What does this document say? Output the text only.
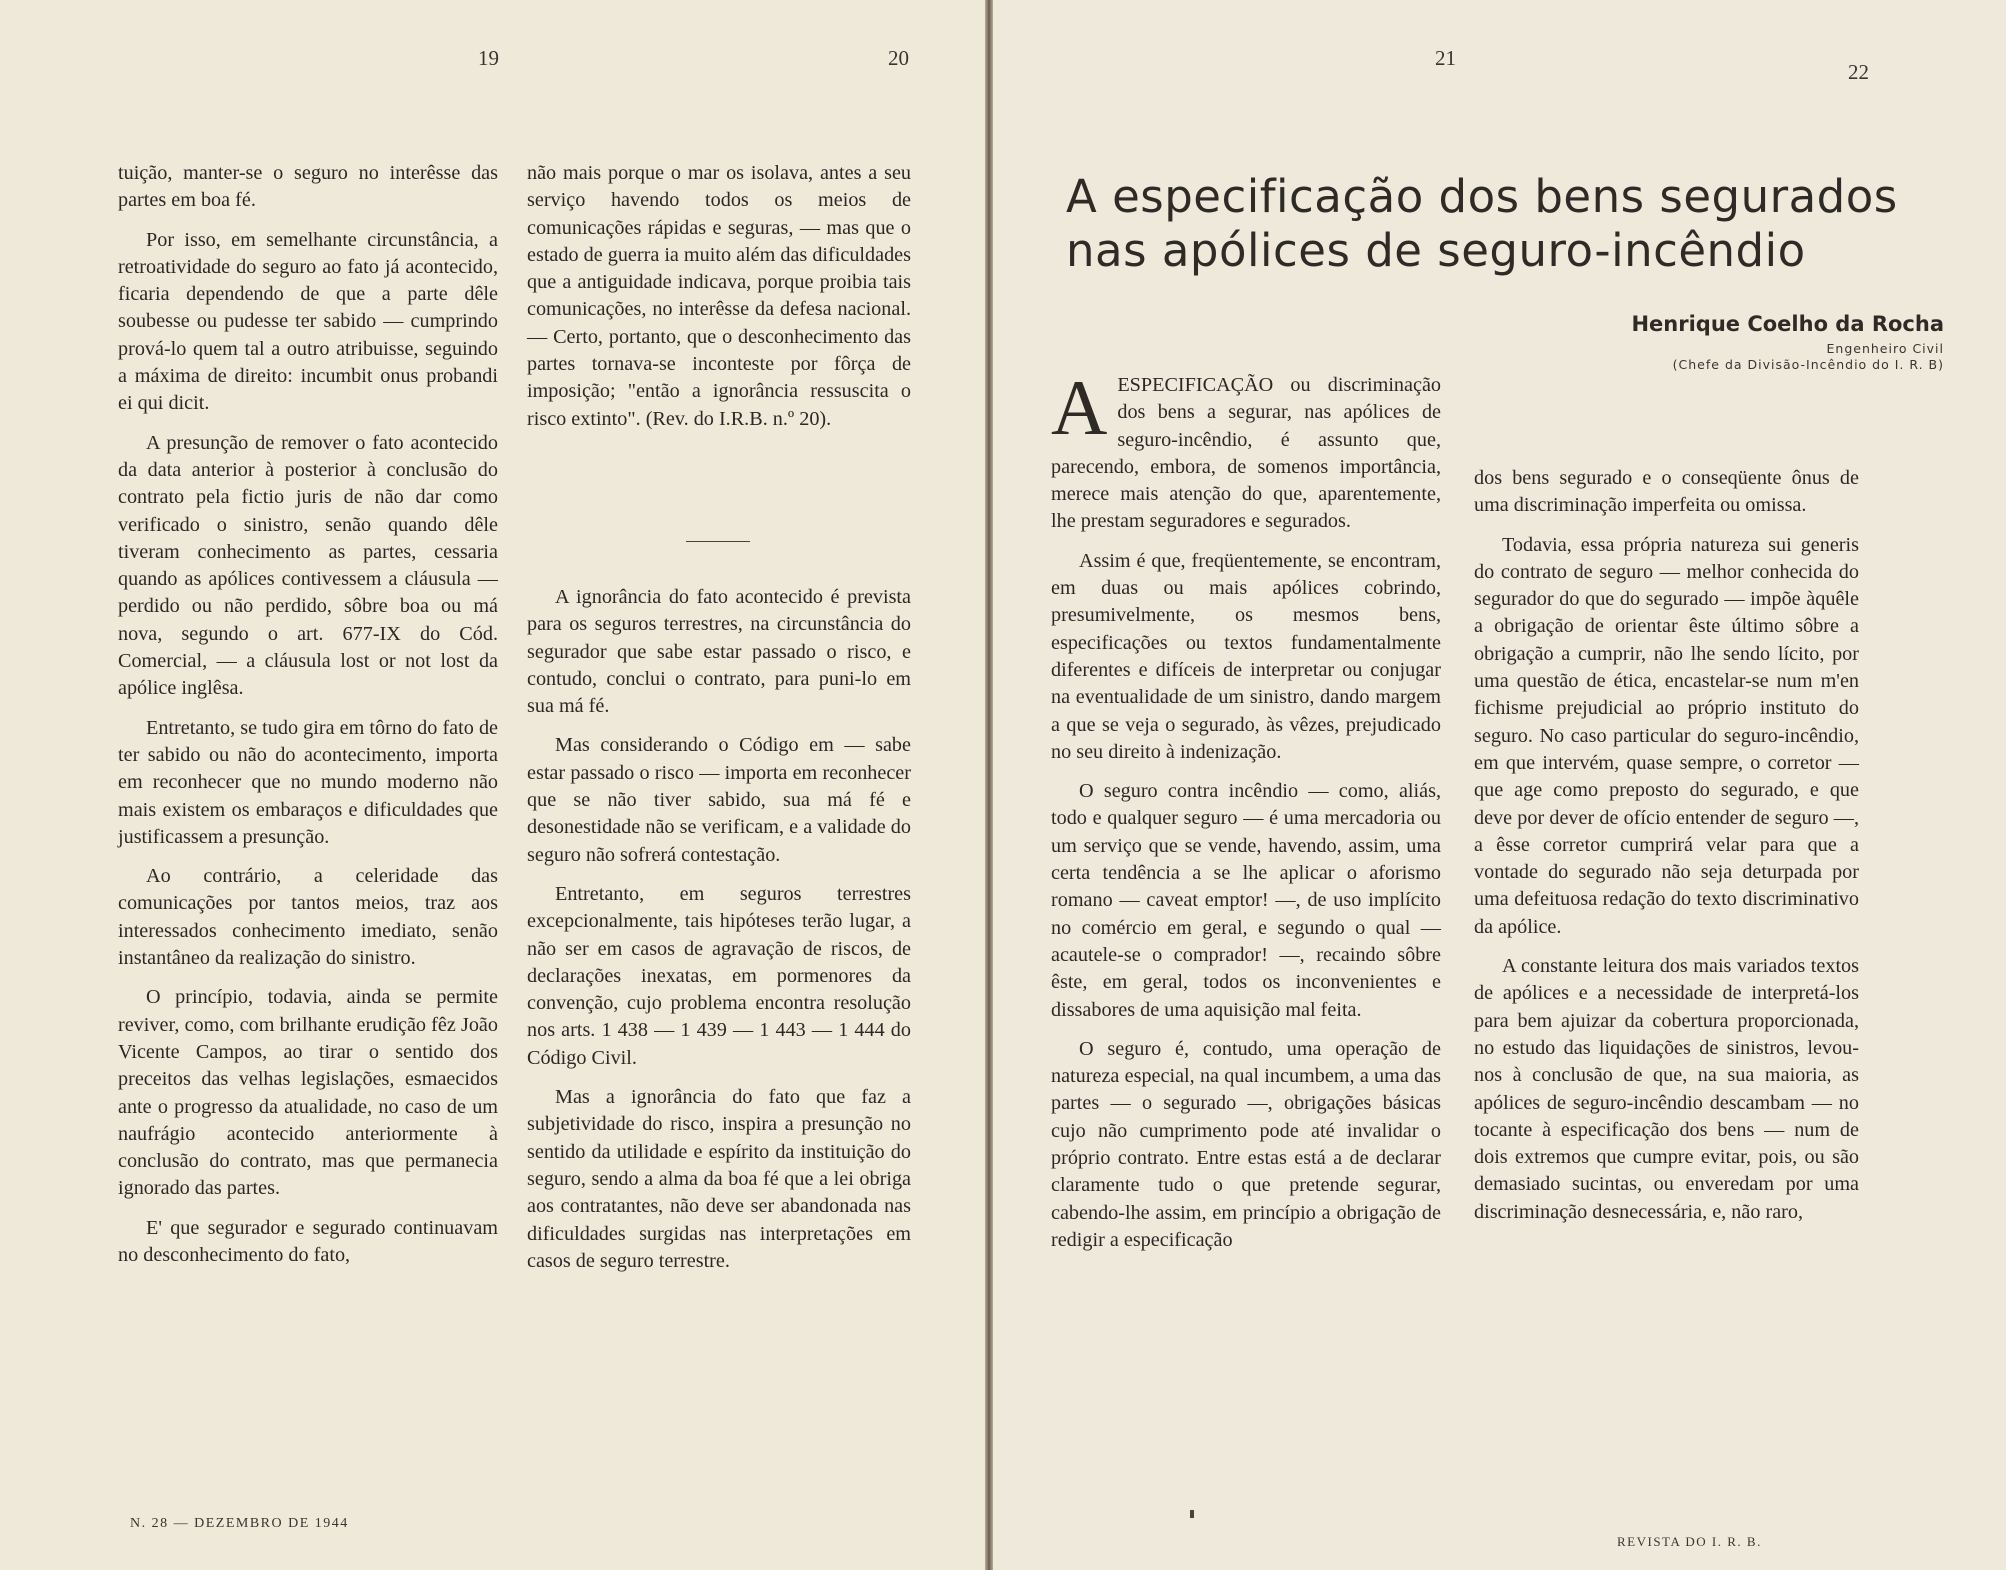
19	20

tuição, manter-se o seguro no interêsse das partes em boa fé.

Por isso, em semelhante circunstância, a retroatividade do seguro ao fato já acontecido, ficaria dependendo de que a parte dêle soubesse ou pudesse ter sabido — cumprindo prová-lo quem tal a outro atribuisse, seguindo a máxima de direito: incumbit onus probandi ei qui dicit.

A presunção de remover o fato acontecido da data anterior à posterior à conclusão do contrato pela fictio juris de não dar como verificado o sinistro, senão quando dêle tiveram conhecimento as partes, cessaria quando as apólices contivessem a cláusula — perdido ou não perdido, sôbre boa ou má nova, segundo o art. 677-IX do Cód. Comercial, — a cláusula lost or not lost da apólice inglêsa.

Entretanto, se tudo gira em tôrno do fato de ter sabido ou não do acontecimento, importa em reconhecer que no mundo moderno não mais existem os embaraços e dificuldades que justificassem a presunção.

Ao contrário, a celeridade das comunicações por tantos meios, traz aos interessados conhecimento imediato, senão instantâneo da realização do sinistro.

O princípio, todavia, ainda se permite reviver, como, com brilhante erudição fêz João Vicente Campos, ao tirar o sentido dos preceitos das velhas legislações, esmaecidos ante o progresso da atualidade, no caso de um naufrágio acontecido anteriormente à conclusão do contrato, mas que permanecia ignorado das partes.

E' que segurador e segurado continuavam no desconhecimento do fato,

não mais porque o mar os isolava, antes a seu serviço havendo todos os meios de comunicações rápidas e seguras, — mas que o estado de guerra ia muito além das dificuldades que a antiguidade indicava, porque proibia tais comunicações, no interêsse da defesa nacional. — Certo, portanto, que o desconhecimento das partes tornava-se inconteste por fôrça de imposição; "então a ignorância ressuscita o risco extinto". (Rev. do I.R.B. n.º 20).

A ignorância do fato acontecido é prevista para os seguros terrestres, na circunstância do segurador que sabe estar passado o risco, e contudo, conclui o contrato, para puni-lo em sua má fé.

Mas considerando o Código em — sabe estar passado o risco — importa em reconhecer que se não tiver sabido, sua má fé e desonestidade não se verificam, e a validade do seguro não sofrerá contestação.

Entretanto, em seguros terrestres excepcionalmente, tais hipóteses terão lugar, a não ser em casos de agravação de riscos, de declarações inexatas, em pormenores da convenção, cujo problema encontra resolução nos arts. 1 438 — 1 439 — 1 443 — 1 444 do Código Civil.

Mas a ignorância do fato que faz a subjetividade do risco, inspira a presunção no sentido da utilidade e espírito da instituição do seguro, sendo a alma da boa fé que a lei obriga aos contratantes, não deve ser abandonada nas dificuldades surgidas nas interpretações em casos de seguro terrestre.

N. 28 — DEZEMBRO DE 1944
21
22
A especificação dos bens segurados nas apólices de seguro-incêndio
Henrique Coelho da Rocha
Engenheiro Civil
(Chefe da Divisão-Incêndio do I. R. B)

AESPECIFICAÇÃO ou discriminação dos bens a segurar, nas apólices de seguro-incêndio, é assunto que, parecendo, embora, de somenos importância, merece mais atenção do que, aparentemente, lhe prestam seguradores e segurados.

Assim é que, freqüentemente, se encontram, em duas ou mais apólices cobrindo, presumivelmente, os mesmos bens, especificações ou textos fundamentalmente diferentes e difíceis de interpretar ou conjugar na eventualidade de um sinistro, dando margem a que se veja o segurado, às vêzes, prejudicado no seu direito à indenização.

O seguro contra incêndio — como, aliás, todo e qualquer seguro — é uma mercadoria ou um serviço que se vende, havendo, assim, uma certa tendência a se lhe aplicar o aforismo romano — caveat emptor! —, de uso implícito no comércio em geral, e segundo o qual — acautele-se o comprador! —, recaindo sôbre êste, em geral, todos os inconvenientes e dissabores de uma aquisição mal feita.

O seguro é, contudo, uma operação de natureza especial, na qual incumbem, a uma das partes — o segurado —, obrigações básicas cujo não cumprimento pode até invalidar o próprio contrato. Entre estas está a de declarar claramente tudo o que pretende segurar, cabendo-lhe assim, em princípio a obrigação de redigir a especificação

dos bens segurado e o conseqüente ônus de uma discriminação imperfeita ou omissa.

Todavia, essa própria natureza sui generis do contrato de seguro — melhor conhecida do segurador do que do segurado — impõe àquêle a obrigação de orientar êste último sôbre a obrigação a cumprir, não lhe sendo lícito, por uma questão de ética, encastelar-se num m'en fichisme prejudicial ao próprio instituto do seguro. No caso particular do seguro-incêndio, em que intervém, quase sempre, o corretor — que age como preposto do segurado, e que deve por dever de ofício entender de seguro —, a êsse corretor cumprirá velar para que a vontade do segurado não seja deturpada por uma defeituosa redação do texto discriminativo da apólice.

A constante leitura dos mais variados textos de apólices e a necessidade de interpretá-los para bem ajuizar da cobertura proporcionada, no estudo das liquidações de sinistros, levou-nos à conclusão de que, na sua maioria, as apólices de seguro-incêndio descambam — no tocante à especificação dos bens — num de dois extremos que cumpre evitar, pois, ou são demasiado sucintas, ou enveredam por uma discriminação desnecessária, e, não raro,

REVISTA DO I. R. B.
